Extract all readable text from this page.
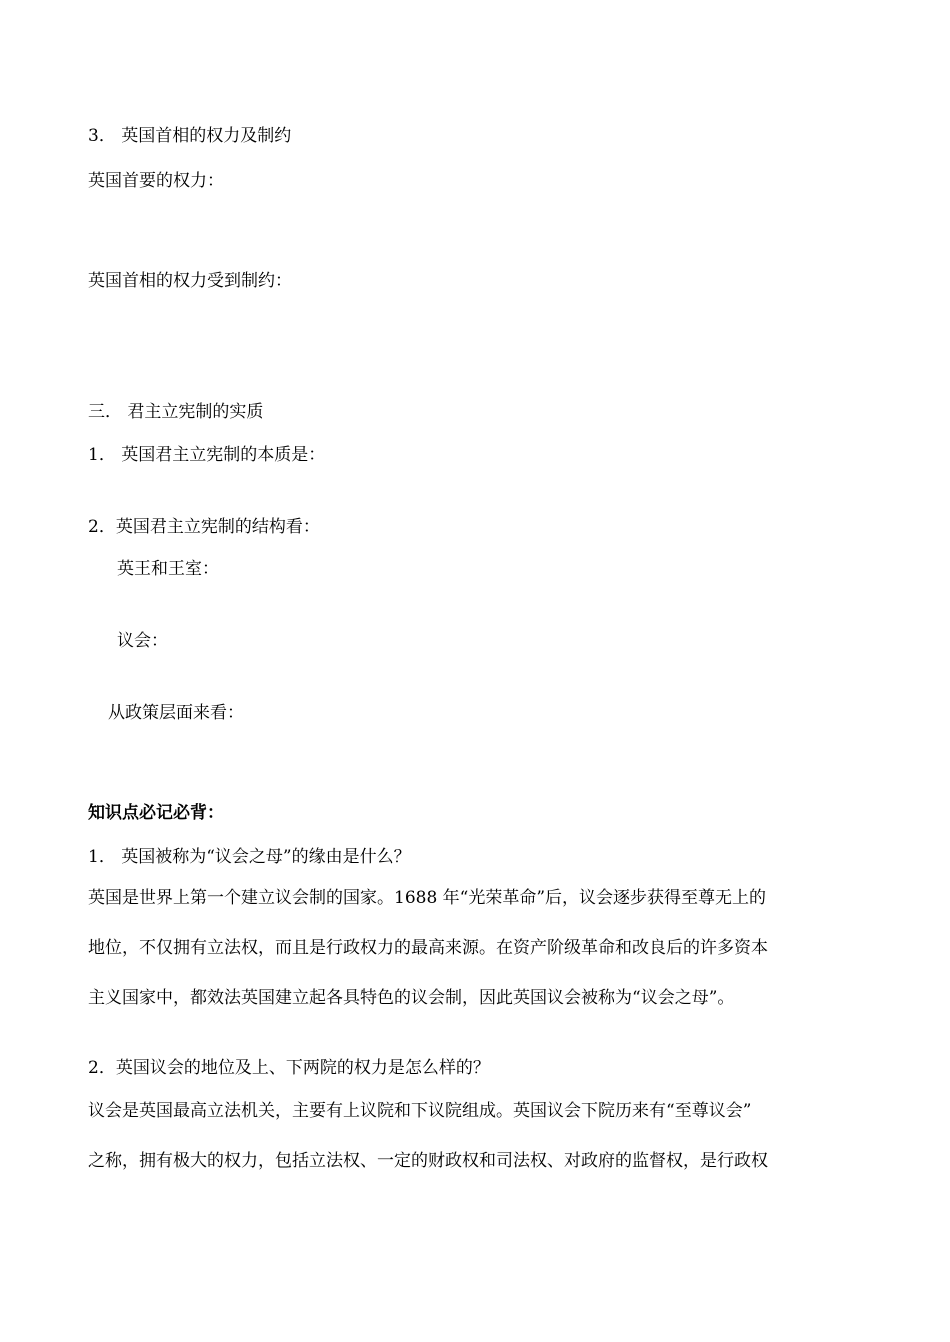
3． 英国首相的权力及制约
英国首要的权力：
英国首相的权力受到制约：
三． 君主立宪制的实质
1． 英国君主立宪制的本质是：
2．英国君主立宪制的结构看：
英王和王室：
议会：
从政策层面来看：
知识点必记必背：
1． 英国被称为“议会之母”的缘由是什么？
英国是世界上第一个建立议会制的国家。1688 年“光荣革命”后，议会逐步获得至尊无上的
地位，不仅拥有立法权，而且是行政权力的最高来源。在资产阶级革命和改良后的许多资本
主义国家中，都效法英国建立起各具特色的议会制，因此英国议会被称为“议会之母”。
2．英国议会的地位及上、下两院的权力是怎么样的？
议会是英国最高立法机关，主要有上议院和下议院组成。英国议会下院历来有“至尊议会”
之称，拥有极大的权力，包括立法权、一定的财政权和司法权、对政府的监督权，是行政权
